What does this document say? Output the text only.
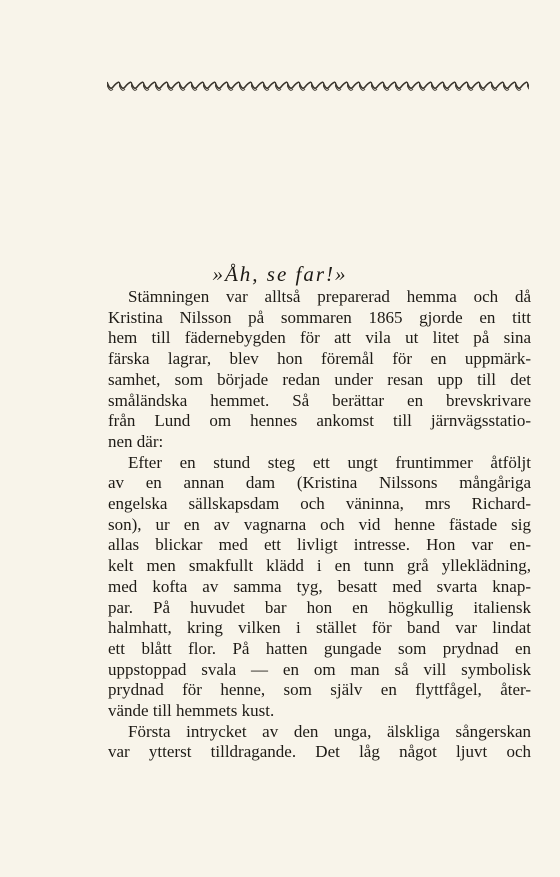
»Åh, se far!»

Stämningen var alltså preparerad hemma och då
Kristina Nilsson på sommaren 1865 gjorde en titt
hem till fädernebygden för att vila ut litet på sina
färska lagrar, blev hon föremål för en uppmärk-
samhet, som började redan under resan upp till det
småländska hemmet. Så berättar en brevskrivare
från Lund om hennes ankomst till järnvägsstatio-
nen där:

Efter en stund steg ett ungt fruntimmer åtföljt
av en annan dam (Kristina Nilssons mångåriga
engelska sällskapsdam och väninna, mrs Richard-
son), ur en av vagnarna och vid henne fästade sig
allas blickar med ett livligt intresse. Hon var en-
kelt men smakfullt klädd i en tunn grå ylleklädning,
med kofta av samma tyg, besatt med svarta knap-
par. På huvudet bar hon en högkullig italiensk
halmhatt, kring vilken i stället för band var lindat
ett blått flor. På hatten gungade som prydnad en
uppstoppad svala — en om man så vill symbolisk
prydnad för henne, som själv en flyttfågel, åter-
vände till hemmets kust.

Första intrycket av den unga, älskliga sångerskan
var ytterst tilldragande. Det låg något ljuvt och
